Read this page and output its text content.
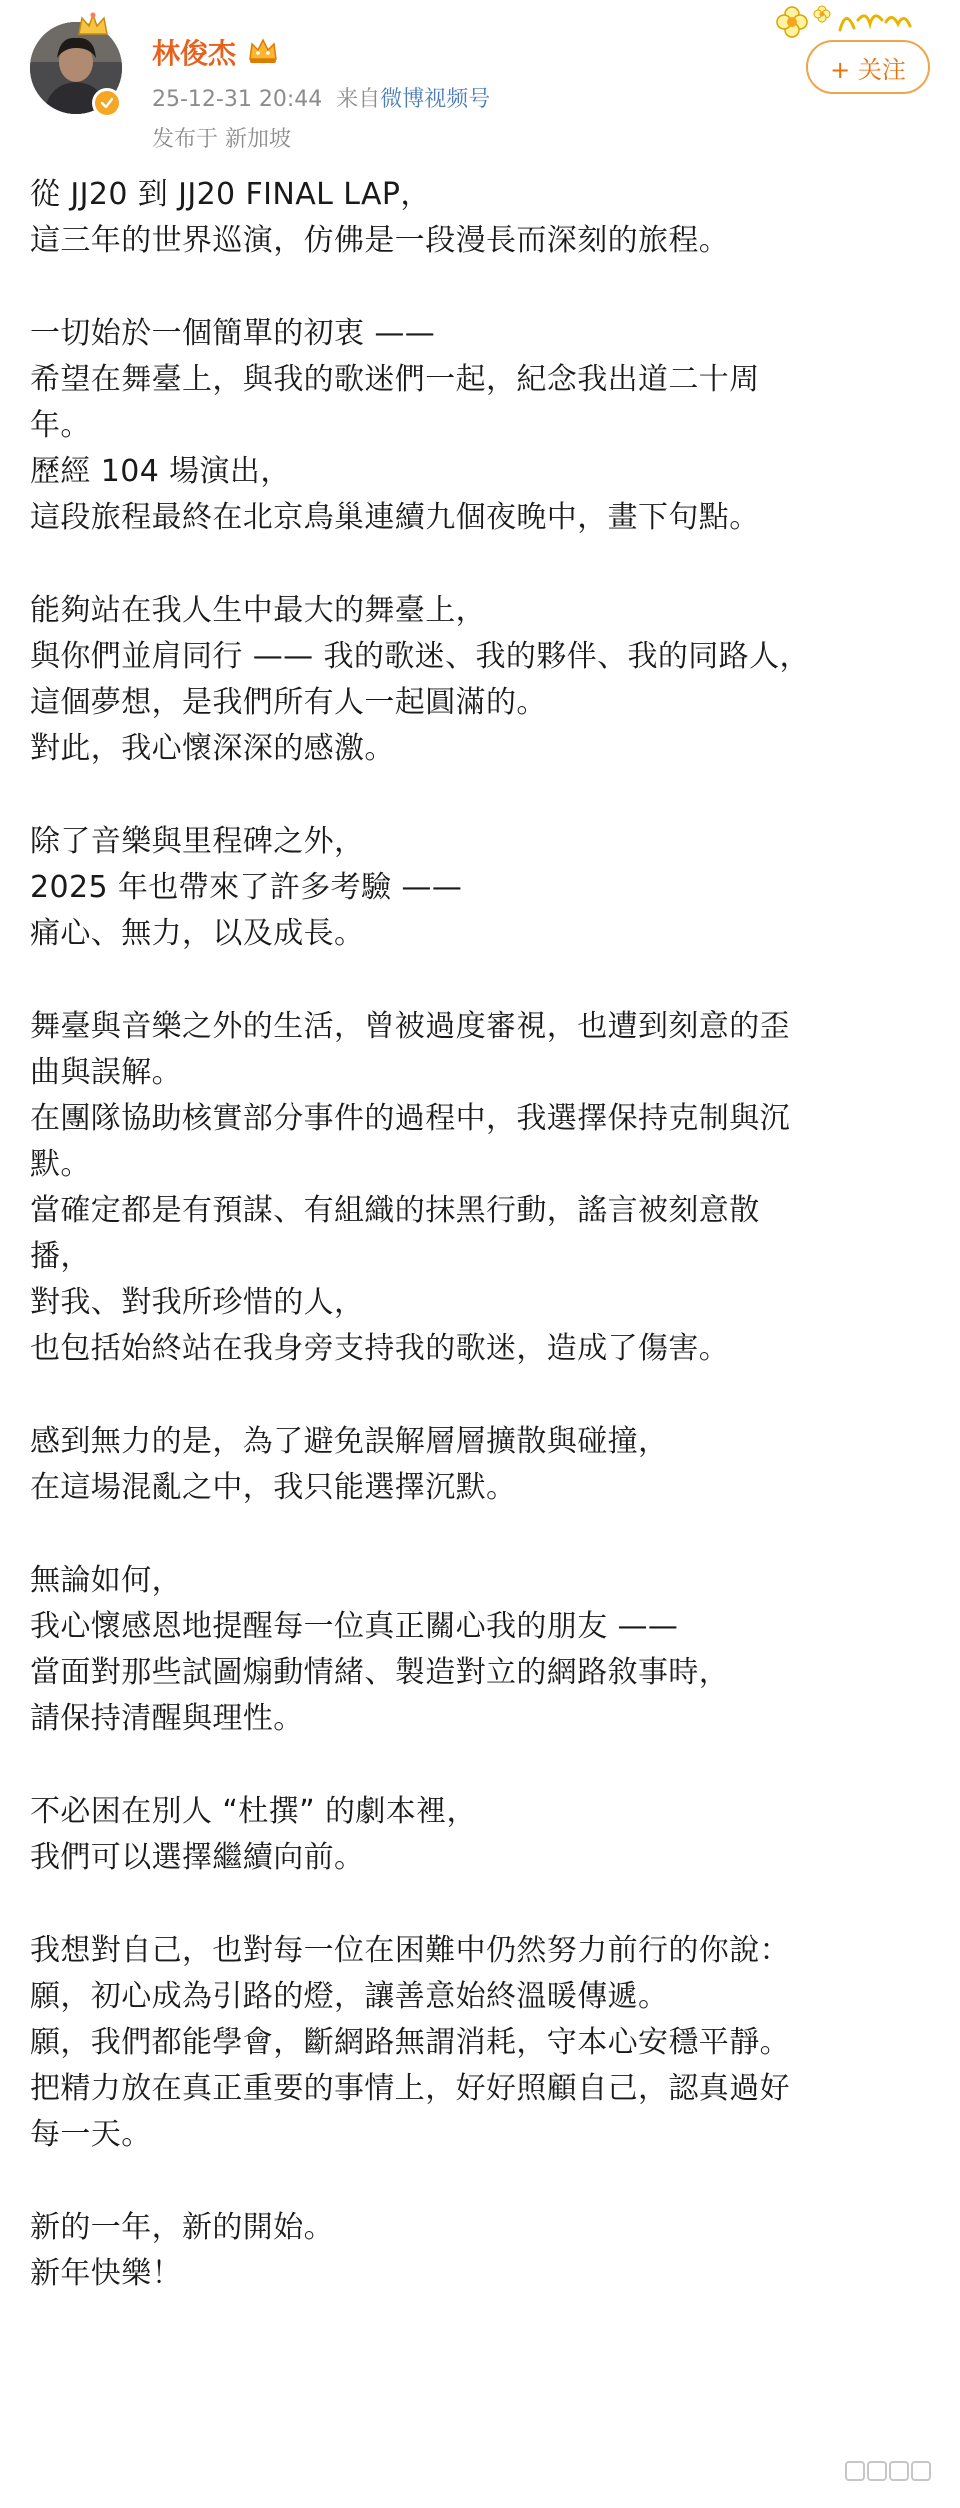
林俊杰
25-12-31 20:44 来自微博视频号
发布于 新加坡
+ 关注
從 JJ20 到 JJ20 FINAL LAP，
這三年的世界巡演，仿佛是一段漫長而深刻的旅程。
一切始於一個簡單的初衷 ——
希望在舞臺上，與我的歌迷們一起，紀念我出道二十周
年。
歷經 104 場演出，
這段旅程最終在北京鳥巢連續九個夜晚中，畫下句點。
能夠站在我人生中最大的舞臺上，
與你們並肩同行 —— 我的歌迷、我的夥伴、我的同路人，
這個夢想，是我們所有人一起圓滿的。
對此，我心懷深深的感激。
除了音樂與里程碑之外，
2025 年也帶來了許多考驗 ——
痛心、無力，以及成長。
舞臺與音樂之外的生活，曾被過度審視，也遭到刻意的歪
曲與誤解。
在團隊協助核實部分事件的過程中，我選擇保持克制與沉
默。
當確定都是有預謀、有組織的抹黑行動，謠言被刻意散
播，
對我、對我所珍惜的人，
也包括始終站在我身旁支持我的歌迷，造成了傷害。
感到無力的是，為了避免誤解層層擴散與碰撞，
在這場混亂之中，我只能選擇沉默。
無論如何，
我心懷感恩地提醒每一位真正關心我的朋友 ——
當面對那些試圖煽動情緒、製造對立的網路敘事時，
請保持清醒與理性。
不必困在別人 “杜撰” 的劇本裡，
我們可以選擇繼續向前。
我想對自己，也對每一位在困難中仍然努力前行的你說：
願，初心成為引路的燈，讓善意始終溫暖傳遞。
願，我們都能學會，斷網路無謂消耗，守本心安穩平靜。
把精力放在真正重要的事情上，好好照顧自己，認真過好
每一天。
新的一年，新的開始。
新年快樂！
